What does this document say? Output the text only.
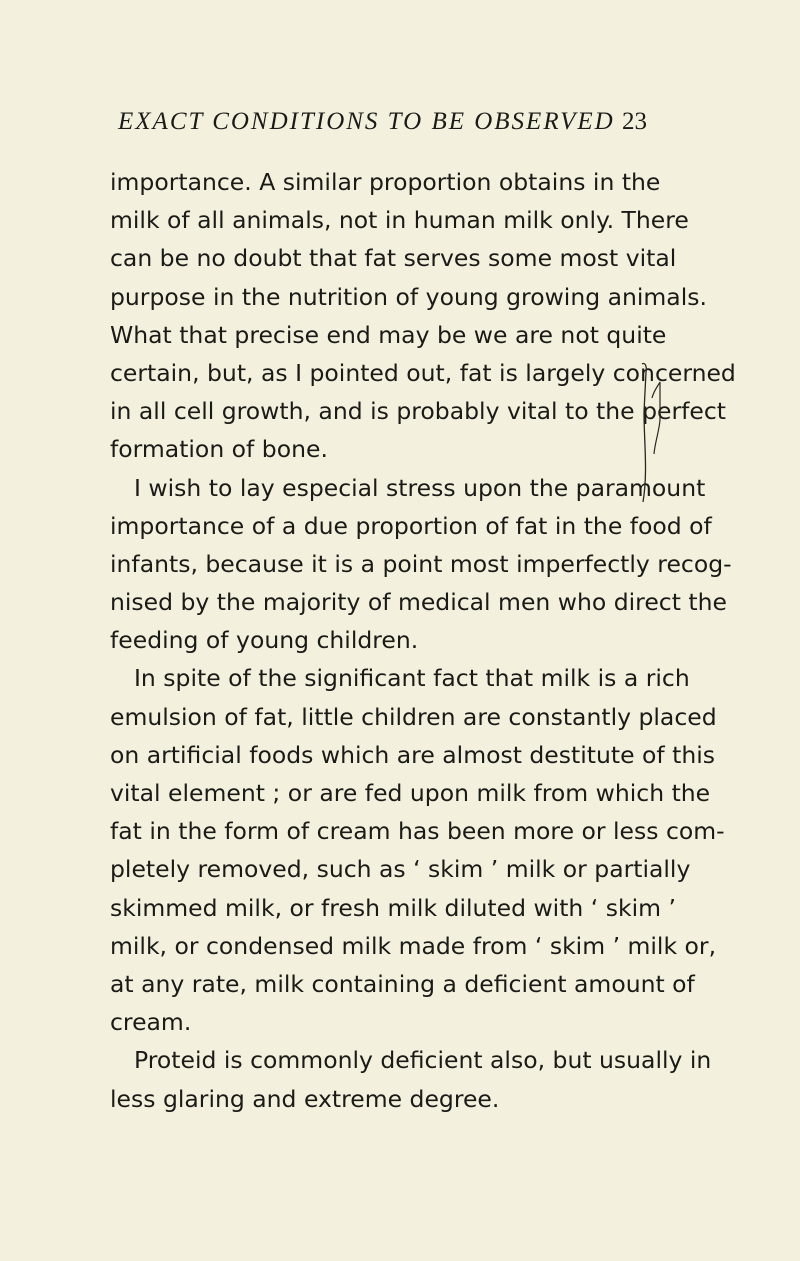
EXACT CONDITIONS TO BE OBSERVED 23

importance. A similar proportion obtains in the
milk of all animals, not in human milk only. There
can be no doubt that fat serves some most vital
purpose in the nutrition of young growing animals.
What that precise end may be we are not quite
certain, but, as I pointed out, fat is largely concerned
in all cell growth, and is probably vital to the perfect
formation of bone.

I wish to lay especial stress upon the paramount
importance of a due proportion of fat in the food of
infants, because it is a point most imperfectly recog-
nised by the majority of medical men who direct the
feeding of young children.

In spite of the significant fact that milk is a rich
emulsion of fat, little children are constantly placed
on artificial foods which are almost destitute of this
vital element ; or are fed upon milk from which the
fat in the form of cream has been more or less com-
pletely removed, such as ‘ skim ’ milk or partially
skimmed milk, or fresh milk diluted with ‘ skim ’
milk, or condensed milk made from ‘ skim ’ milk or,
at any rate, milk containing a deficient amount of
cream.

Proteid is commonly deficient also, but usually in
less glaring and extreme degree.
